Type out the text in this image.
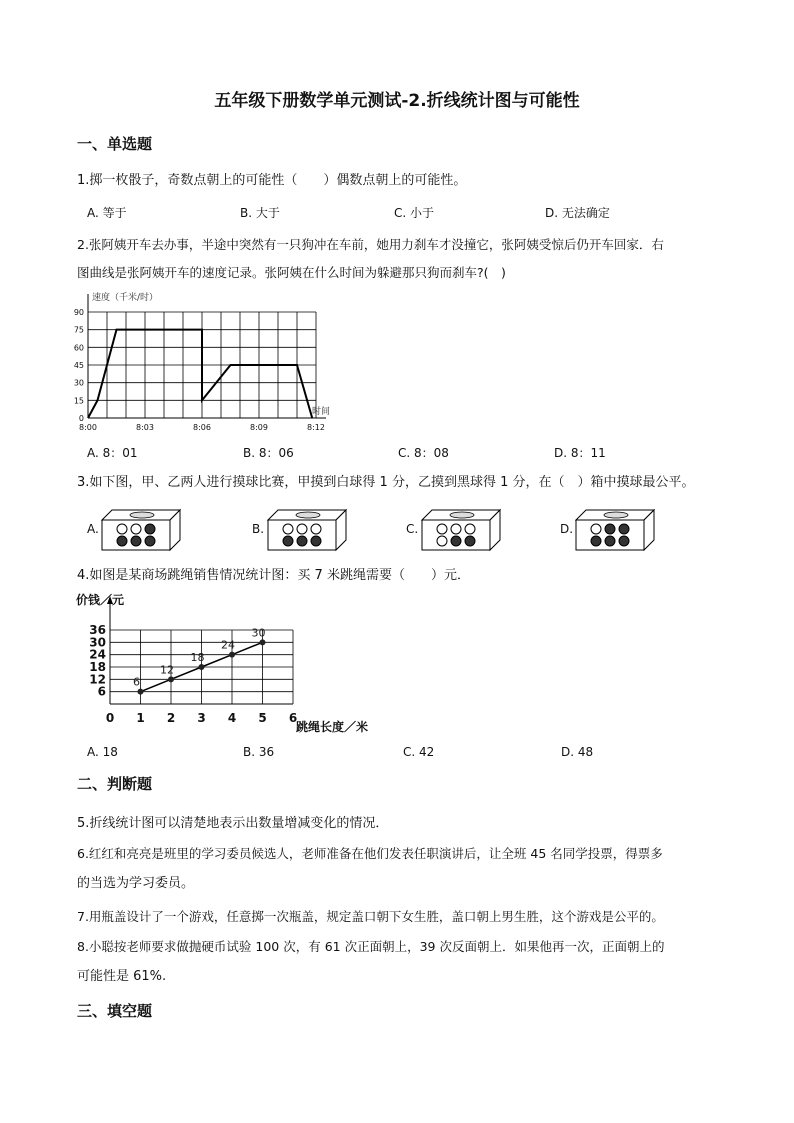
五年级下册数学单元测试-2.折线统计图与可能性
一、单选题
1.掷一枚骰子，奇数点朝上的可能性（　　）偶数点朝上的可能性。
A. 等于	B. 大于	C. 小于	D. 无法确定
2.张阿姨开车去办事，半途中突然有一只狗冲在车前，她用力刹车才没撞它，张阿姨受惊后仍开车回家．右
图曲线是张阿姨开车的速度记录。张阿姨在什么时间为躲避那只狗而刹车?(　)
0
15
30
45
60
75
90
8:00	8:03	8:06	8:09	8:12
速度（千米/时）
时间
A. 8：01	B. 8：06	C. 8：08	D. 8：11
3.如下图，甲、乙两人进行摸球比赛，甲摸到白球得 1 分，乙摸到黑球得 1 分，在（　）箱中摸球最公平。
A.	B.	C.	D.
4.如图是某商场跳绳销售情况统计图：买 7 米跳绳需要（　　）元．
6
12
18
24
30
36
0 1 2 3 4 5 6
6
12
18
24
30
价钱／元
跳绳长度／米
A. 18	B. 36	C. 42	D. 48
二、判断题
5.折线统计图可以清楚地表示出数量增减变化的情况．
6.红红和亮亮是班里的学习委员候选人，老师准备在他们发表任职演讲后，让全班 45 名同学投票，得票多
的当选为学习委员。
7.用瓶盖设计了一个游戏，任意掷一次瓶盖，规定盖口朝下女生胜，盖口朝上男生胜，这个游戏是公平的。
8.小聪按老师要求做抛硬币试验 100 次，有 61 次正面朝上，39 次反面朝上．如果他再一次，正面朝上的
可能性是 61%.
三、填空题
